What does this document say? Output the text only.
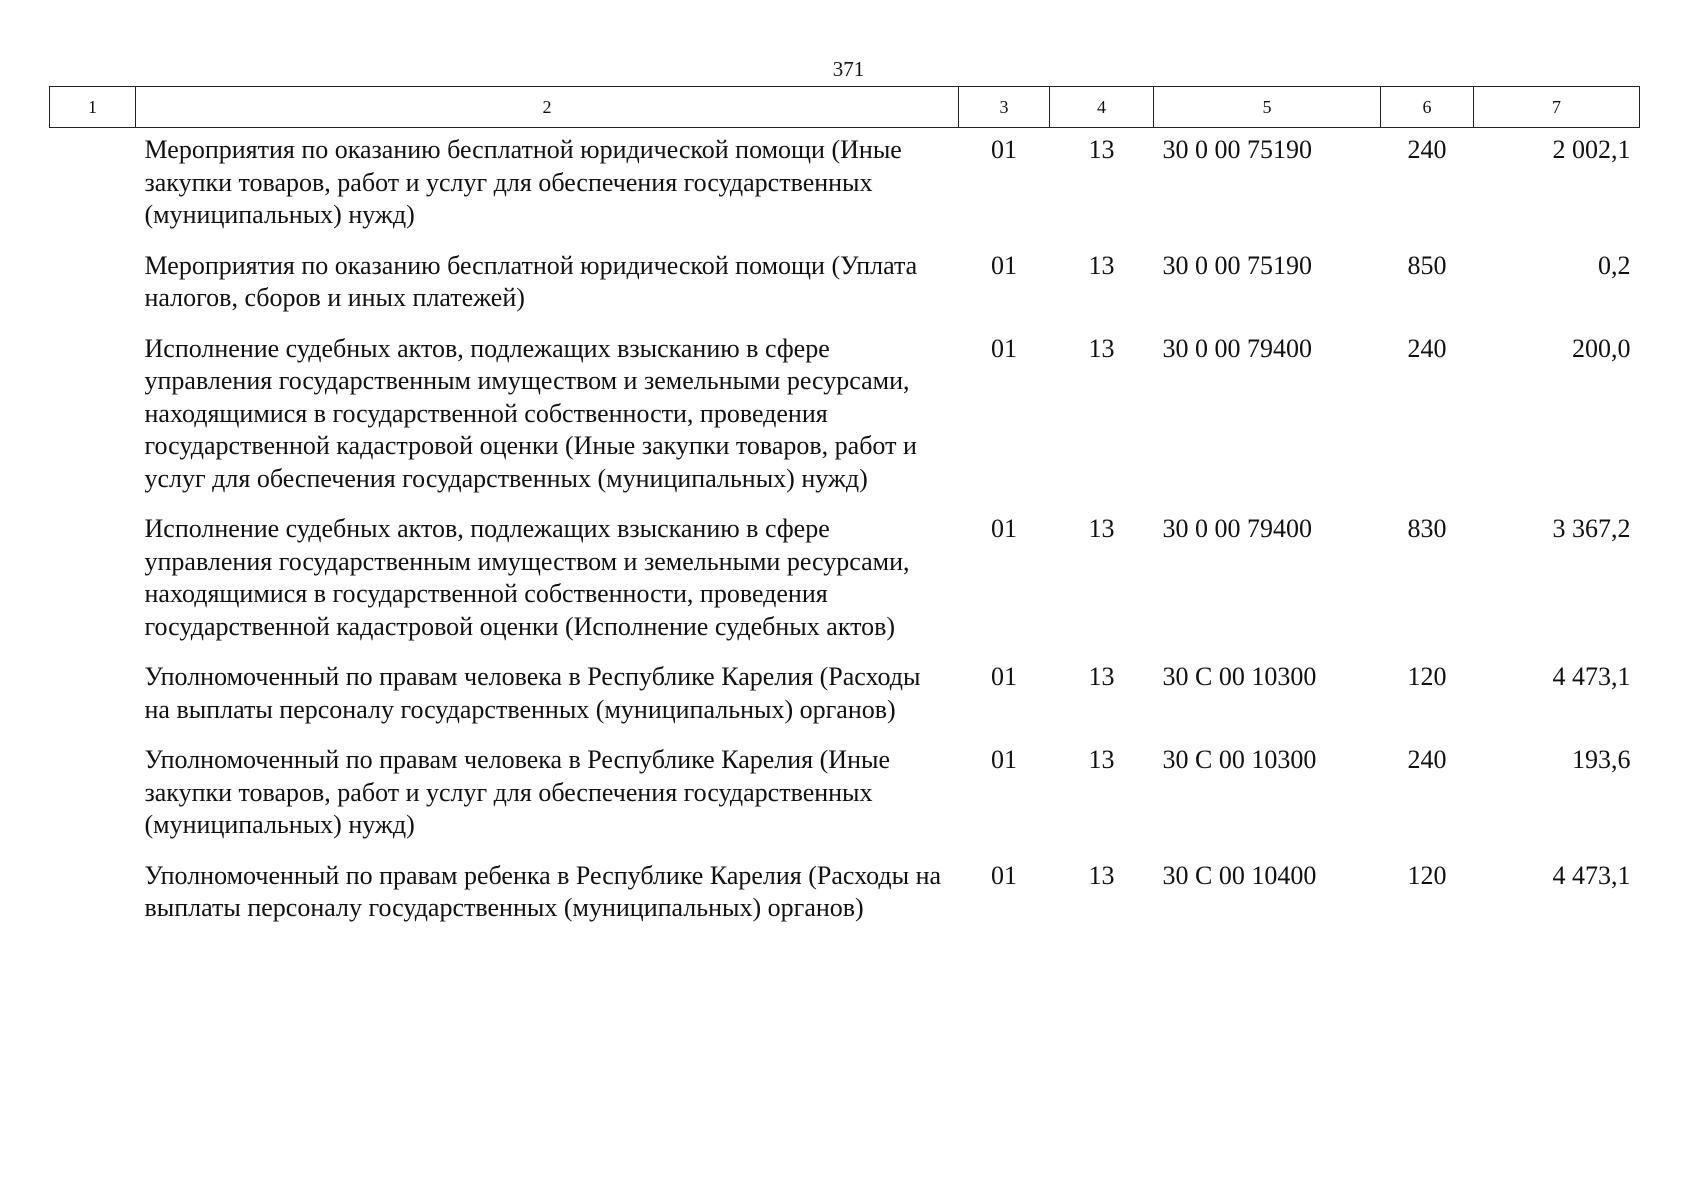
371
1	2	3	4	5	6	7
	Мероприятия по оказанию бесплатной юридической помощи (Иные закупки товаров, работ и услуг для обеспечения государственных (муниципальных) нужд)	01	13	30 0 00 75190	240	2 002,1
	Мероприятия по оказанию бесплатной юридической помощи (Уплата налогов, сборов и иных платежей)	01	13	30 0 00 75190	850	0,2
	Исполнение судебных актов, подлежащих взысканию в сфере управления государственным имуществом и земельными ресурсами, находящимися в государственной собственности, проведения государственной кадастровой оценки (Иные закупки товаров, работ и услуг для обеспечения государственных (муниципальных) нужд)	01	13	30 0 00 79400	240	200,0
	Исполнение судебных актов, подлежащих взысканию в сфере управления государственным имуществом и земельными ресурсами, находящимися в государственной собственности, проведения государственной кадастровой оценки (Исполнение судебных актов)	01	13	30 0 00 79400	830	3 367,2
	Уполномоченный по правам человека в Республике Карелия (Расходы на выплаты персоналу государственных (муниципальных) органов)	01	13	30 С 00 10300	120	4 473,1
	Уполномоченный по правам человека в Республике Карелия (Иные закупки товаров, работ и услуг для обеспечения государственных (муниципальных) нужд)	01	13	30 С 00 10300	240	193,6
	Уполномоченный по правам ребенка в Республике Карелия (Расходы на выплаты персоналу государственных (муниципальных) органов)	01	13	30 С 00 10400	120	4 473,1
